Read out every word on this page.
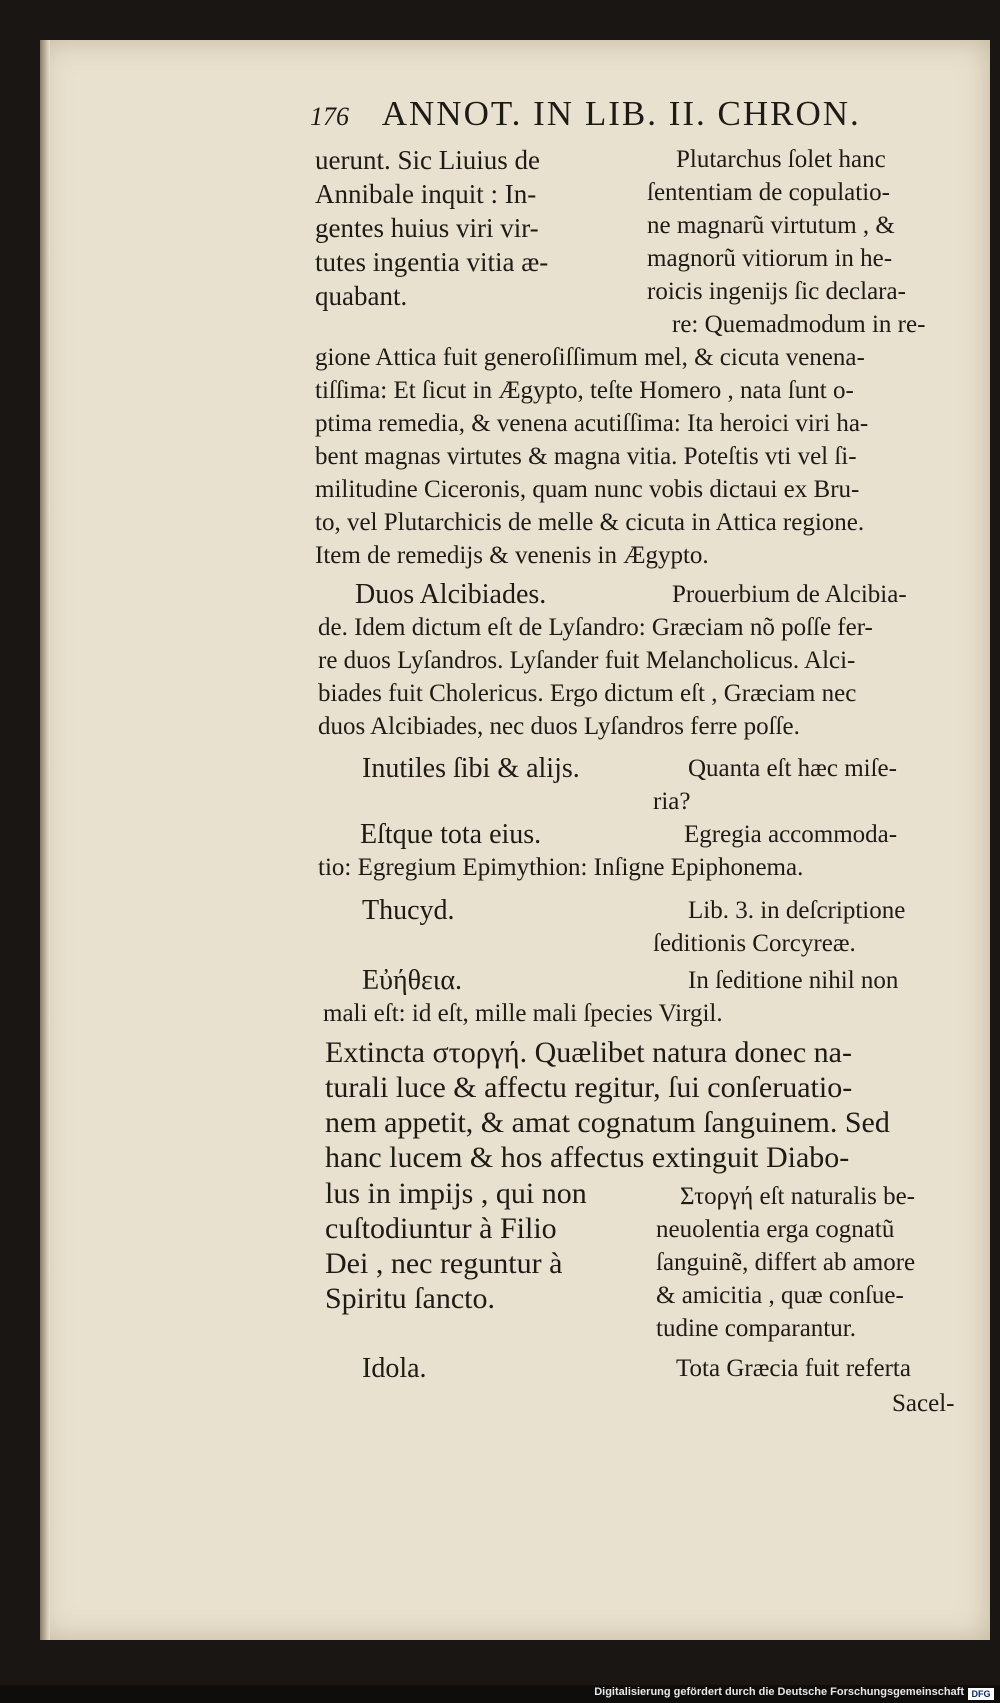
176 ANNOT. IN LIB. II. CHRON.
uerunt. Sic Liuius de
Annibale inquit : In-
gentes huius viri vir-
tutes ingentia vitia æ-
quabant.
Plutarchus ſolet hanc
ſententiam de copulatio-
ne magnarũ virtutum , &
magnorũ vitiorum in he-
roicis ingenijs ſic declara-
re: Quemadmodum in re-
gione Attica fuit generoſiſſimum mel, & cicuta venena-
tiſſima: Et ſicut in Ægypto, teſte Homero , nata ſunt o-
ptima remedia, & venena acutiſſima: Ita heroici viri ha-
bent magnas virtutes & magna vitia. Poteſtis vti vel ſi-
militudine Ciceronis, quam nunc vobis dictaui ex Bru-
to, vel Plutarchicis de melle & cicuta in Attica regione.
Item de remedijs & venenis in Ægypto.
Duos Alcibiades.	Prouerbium de Alcibia-
de. Idem dictum eſt de Lyſandro: Græciam nõ poſſe fer-
re duos Lyſandros. Lyſander fuit Melancholicus. Alci-
biades fuit Cholericus. Ergo dictum eſt , Græciam nec
duos Alcibiades, nec duos Lyſandros ferre poſſe.
Inutiles ſibi & alijs.	Quanta eſt hæc miſe-
ria?
Eſtque tota eius.	Egregia accommoda-
tio: Egregium Epimythion: Inſigne Epiphonema.
Thucyd.	Lib. 3. in deſcriptione
ſeditionis Corcyreæ.
Εὐήθεια.	In ſeditione nihil non
mali eſt: id eſt, mille mali ſpecies Virgil.
Extincta στοργή. Quælibet natura donec na-
turali luce & affectu regitur, ſui conſeruatio-
nem appetit, & amat cognatum ſanguinem. Sed
hanc lucem & hos affectus extinguit Diabo-
lus in impijs , qui non
cuſtodiuntur à Filio
Dei , nec reguntur à
Spiritu ſancto.
Στοργή eſt naturalis be-
neuolentia erga cognatũ
ſanguinẽ, differt ab amore
& amicitia , quæ conſue-
tudine comparantur.
Idola.	Tota Græcia fuit referta
Sacel-
Digitalisierung gefördert durch die Deutsche Forschungsgemeinschaft DFG
